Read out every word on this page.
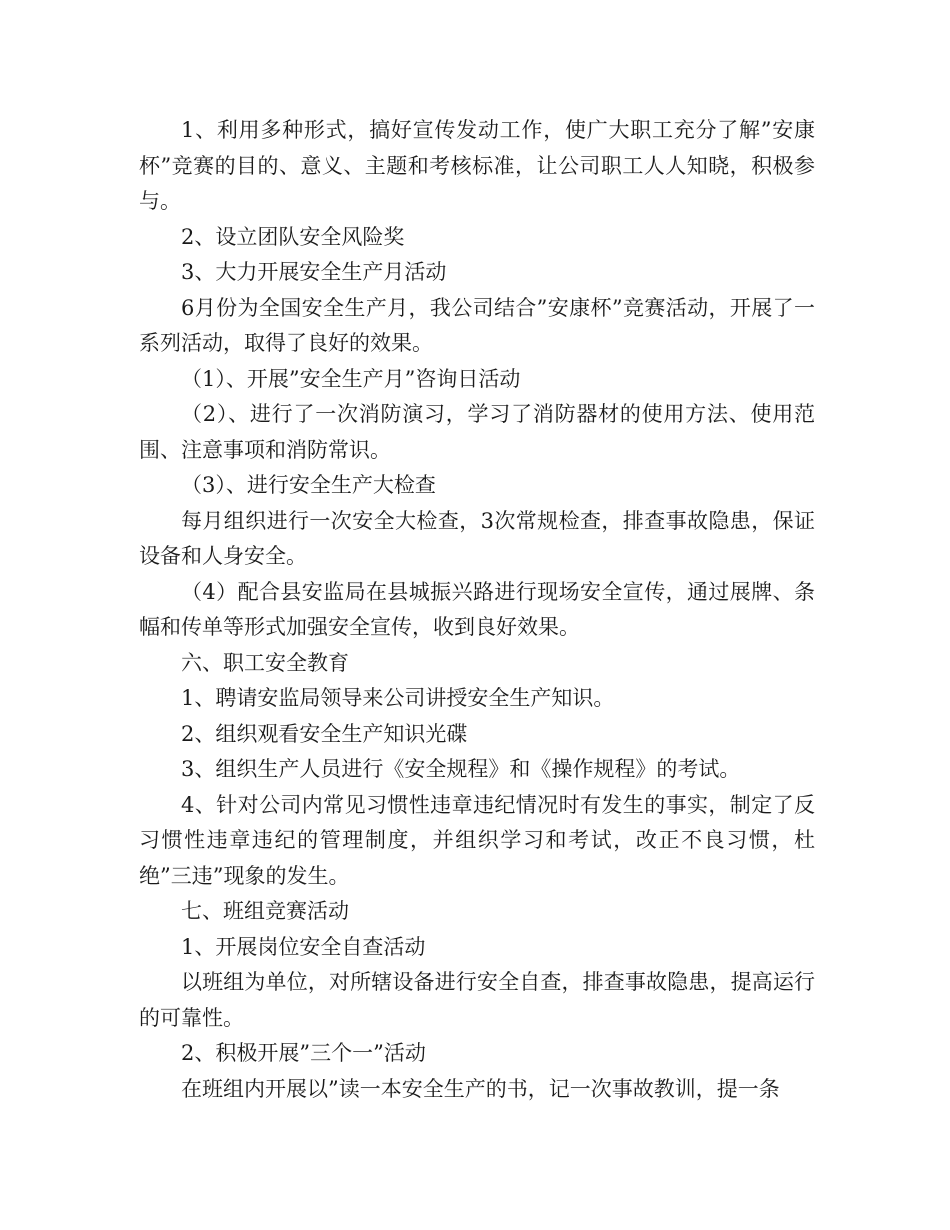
1、利用多种形式，搞好宣传发动工作，使广大职工充分了解”安康杯”竞赛的目的、意义、主题和考核标准，让公司职工人人知晓，积极参与。

2、设立团队安全风险奖

3、大力开展安全生产月活动

6月份为全国安全生产月，我公司结合”安康杯”竞赛活动，开展了一系列活动，取得了良好的效果。

（1）、开展”安全生产月”咨询日活动

（2）、进行了一次消防演习，学习了消防器材的使用方法、使用范围、注意事项和消防常识。

（3）、进行安全生产大检查

每月组织进行一次安全大检查，3次常规检查，排查事故隐患，保证设备和人身安全。

（4）配合县安监局在县城振兴路进行现场安全宣传，通过展牌、条幅和传单等形式加强安全宣传，收到良好效果。

六、职工安全教育

1、聘请安监局领导来公司讲授安全生产知识。

2、组织观看安全生产知识光碟

3、组织生产人员进行《安全规程》和《操作规程》的考试。

4、针对公司内常见习惯性违章违纪情况时有发生的事实，制定了反习惯性违章违纪的管理制度，并组织学习和考试，改正不良习惯，杜绝”三违”现象的发生。

七、班组竞赛活动

1、开展岗位安全自查活动

以班组为单位，对所辖设备进行安全自查，排查事故隐患，提高运行的可靠性。

2、积极开展”三个一”活动

在班组内开展以”读一本安全生产的书，记一次事故教训，提一条
